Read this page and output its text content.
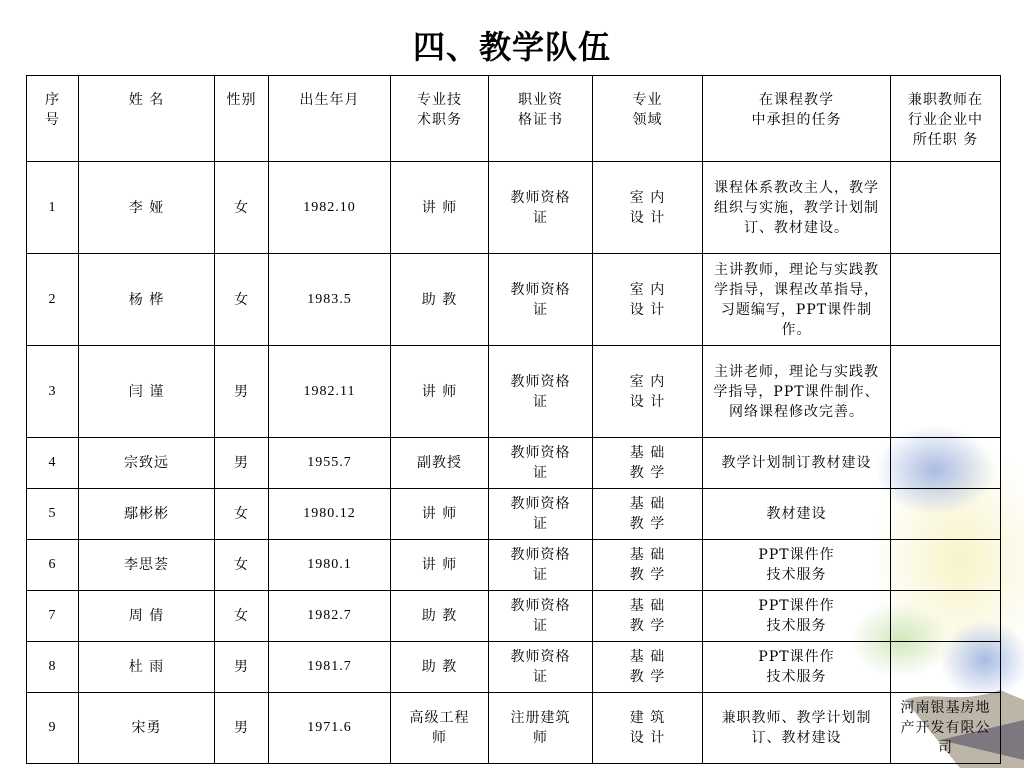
四、教学队伍
序
号	姓 名	性别	出生年月	专业技
术职务	职业资
格证书	专业
领域	在课程教学
中承担的任务	兼职教师在
行业企业中
所任职 务
1	李 娅	女	1982.10	讲 师	教师资格
证	室 内
设 计	课程体系教改主人，教学组织与实施，教学计划制订、教材建设。	
2	杨 桦	女	1983.5	助 教	教师资格
证	室 内
设 计	主讲教师，理论与实践教学指导，课程改革指导，习题编写，PPT课件制作。	
3	闫 谨	男	1982.11	讲 师	教师资格
证	室 内
设 计	主讲老师，理论与实践教学指导，PPT课件制作、网络课程修改完善。	
4	宗致远	男	1955.7	副教授	教师资格
证	基 础
教 学	教学计划制订教材建设	
5	鄢彬彬	女	1980.12	讲 师	教师资格
证	基 础
教 学	教材建设	
6	李思荟	女	1980.1	讲 师	教师资格
证	基 础
教 学	PPT课件作
技术服务	
7	周 倩	女	1982.7	助 教	教师资格
证	基 础
教 学	PPT课件作
技术服务	
8	杜 雨	男	1981.7	助 教	教师资格
证	基 础
教 学	PPT课件作
技术服务	
9	宋勇	男	1971.6	高级工程
师	注册建筑
师	建 筑
设 计	兼职教师、教学计划制订、教材建设	河南银基房地产开发有限公司
